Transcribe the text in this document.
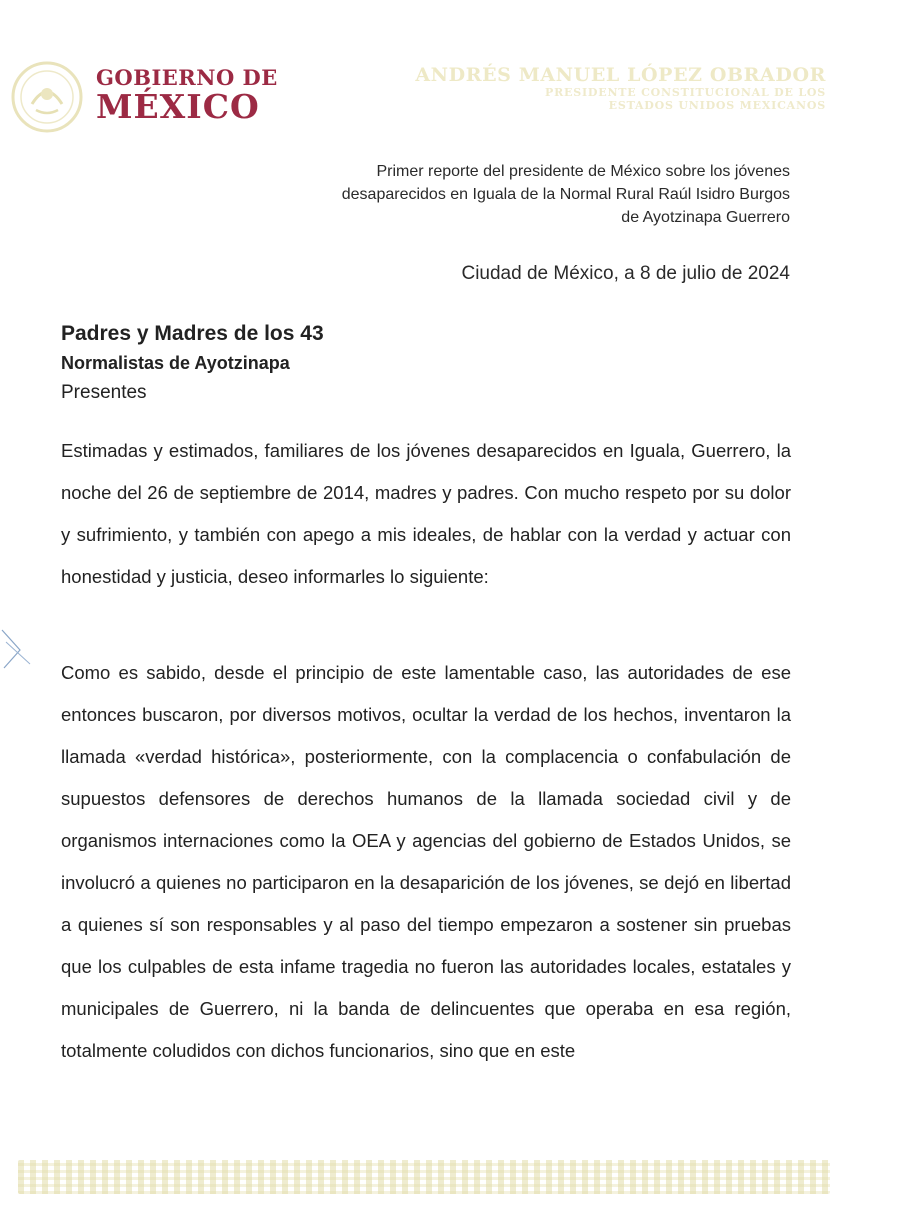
GOBIERNO DE
MÉXICO
ANDRÉS MANUEL LÓPEZ OBRADOR
PRESIDENTE CONSTITUCIONAL DE LOS
ESTADOS UNIDOS MEXICANOS
Primer reporte del presidente de México sobre los jóvenes
desaparecidos en Iguala de la Normal Rural Raúl Isidro Burgos
de Ayotzinapa Guerrero
Ciudad de México, a 8 de julio de 2024
Padres y Madres de los 43
Normalistas de Ayotzinapa
Presentes
Estimadas y estimados, familiares de los jóvenes desaparecidos en Iguala, Guerrero, la noche del 26 de septiembre de 2014, madres y padres. Con mucho respeto por su dolor y sufrimiento, y también con apego a mis ideales, de hablar con la verdad y actuar con honestidad y justicia, deseo informarles lo siguiente:
Como es sabido, desde el principio de este lamentable caso, las autoridades de ese entonces buscaron, por diversos motivos, ocultar la verdad de los hechos, inventaron la llamada «verdad histórica», posteriormente, con la complacencia o confabulación de supuestos defensores de derechos humanos de la llamada sociedad civil y de organismos internaciones como la OEA y agencias del gobierno de Estados Unidos, se involucró a quienes no participaron en la desaparición de los jóvenes, se dejó en libertad a quienes sí son responsables y al paso del tiempo empezaron a sostener sin pruebas que los culpables de esta infame tragedia no fueron las autoridades locales, estatales y municipales de Guerrero, ni la banda de delincuentes que operaba en esa región, totalmente coludidos con dichos funcionarios, sino que en este
